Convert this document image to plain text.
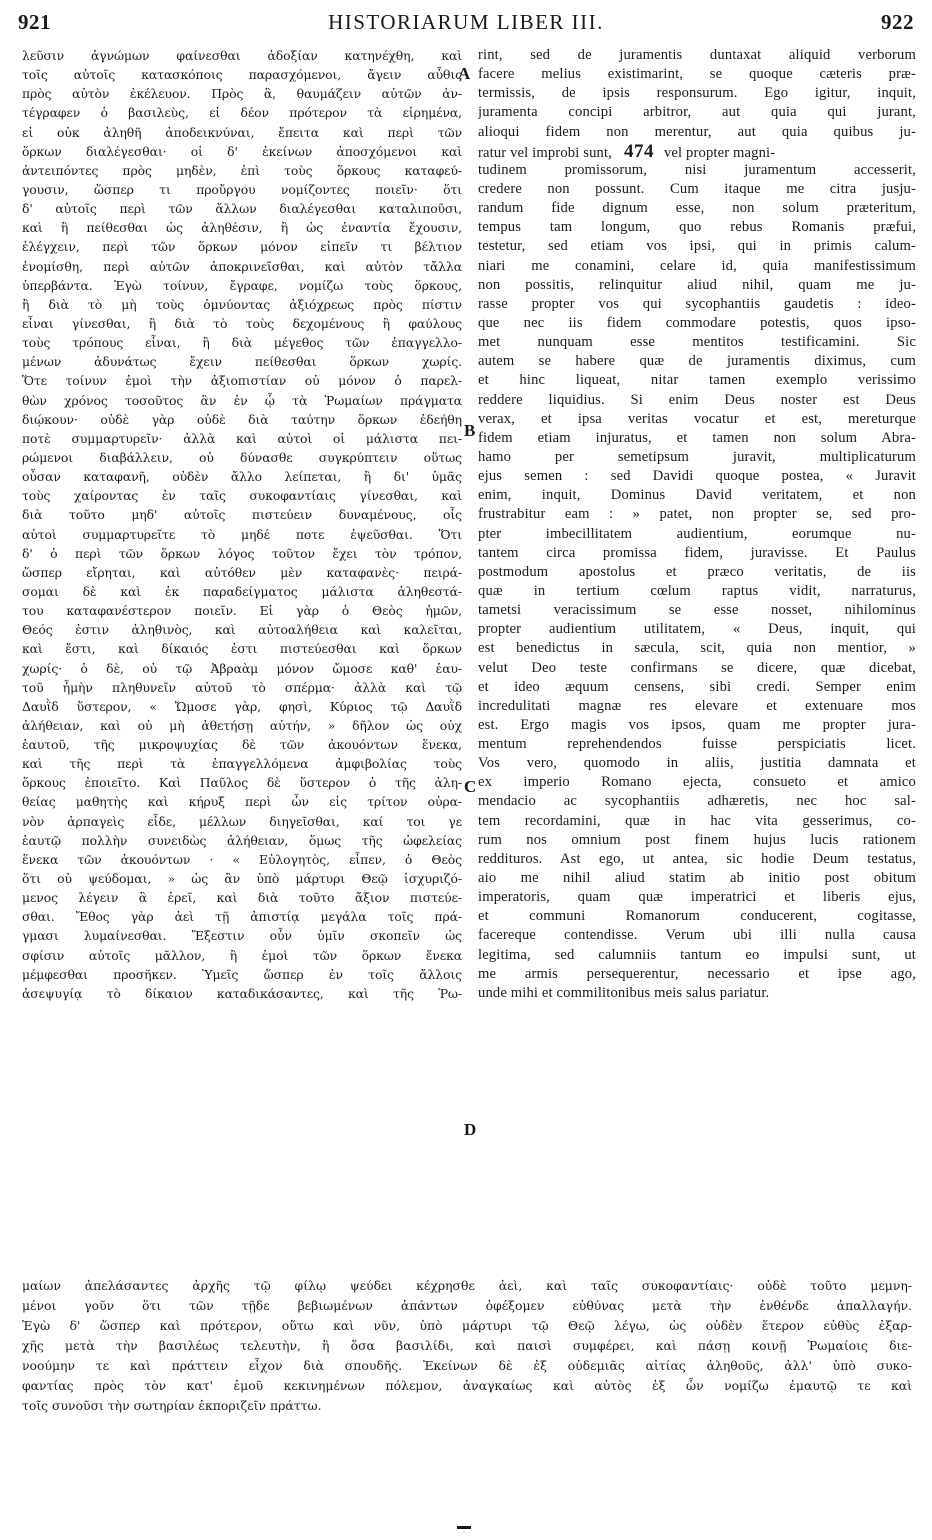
921	HISTORIARUM LIBER III.	922

λεῦσιν ἀγνώμων φαίνεσθαι ἀδοξίαν κατηνέχθη, καὶ

τοῖς αὐτοῖς κατασκόποις παρασχόμενοι, ἄγειν αὖθις

πρὸς αὐτὸν ἐκέλευον. Πρὸς ἃ, θαυμάζειν αὐτῶν ἀν-

τέγραφεν ὁ βασιλεὺς, εἰ δέον πρότερον τὰ εἰρημένα,

εἰ οὐκ ἀληθῆ ἀποδεικνύναι, ἔπειτα καὶ περὶ τῶν

ὅρκων διαλέγεσθαι· οἱ δ' ἐκείνων ἀποσχόμενοι καὶ

ἀντειπόντες πρὸς μηδὲν, ἐπὶ τοὺς ὅρκους καταφεύ-

γουσιν, ὥσπερ τι προὔργου νομίζοντες ποιεῖν· ὅτι

δ' αὐτοῖς περὶ τῶν ἄλλων διαλέγεσθαι καταλιποῦσι,

καὶ ἢ πείθεσθαι ὡς ἀληθέσιν, ἢ ὡς ἐναντία ἔχουσιν,

ἐλέγχειν, περὶ τῶν ὅρκων μόνον εἰπεῖν τι βέλτιον

ἐνομίσθη, περὶ αὐτῶν ἀποκρινεῖσθαι, καὶ αὐτὸν τἄλλα

ὑπερβάντα. Ἐγὼ τοίνυν, ἔγραφε, νομίζω τοὺς ὅρκους,

ἢ διὰ τὸ μὴ τοὺς ὀμνύοντας ἀξιόχρεως πρὸς πίστιν

εἶναι γίνεσθαι, ἢ διὰ τὸ τοὺς δεχομένους ἢ φαύλους

τοὺς τρόπους εἶναι, ἢ διὰ μέγεθος τῶν ἐπαγγελλο-

μένων ἀδυνάτως ἔχειν πείθεσθαι ὅρκων χωρίς.

Ὅτε τοίνυν ἐμοὶ τὴν ἀξιοπιστίαν οὐ μόνον ὁ παρελ-

θὼν χρόνος τοσοῦτος ἂν ἐν ᾧ τὰ Ῥωμαίων πράγματα

διῴκουν· οὐδὲ γὰρ οὐδὲ διὰ ταύτην ὅρκων ἐδεήθη

ποτὲ συμμαρτυρεῖν· ἀλλὰ καὶ αὐτοὶ οἱ μάλιστα πει-

ρώμενοι διαβάλλειν, οὐ δύνασθε συγκρύπτειν οὕτως

οὖσαν καταφανῆ, οὐδὲν ἄλλο λείπεται, ἢ δι' ὑμᾶς

τοὺς χαίροντας ἐν ταῖς συκοφαντίαις γίνεσθαι, καὶ

διὰ τοῦτο μηδ' αὐτοῖς πιστεύειν δυναμένους, οἷς

αὐτοὶ συμμαρτυρεῖτε τὸ μηδέ ποτε ἐψεῦσθαι. Ὅτι

δ' ὁ περὶ τῶν ὅρκων λόγος τοῦτον ἔχει τὸν τρόπον,

ὥσπερ εἴρηται, καὶ αὐτόθεν μὲν καταφανὲς· πειρά-

σομαι δὲ καὶ ἐκ παραδείγματος μάλιστα ἀληθεστά-

του καταφανέστερον ποιεῖν. Εἰ γὰρ ὁ Θεὸς ἡμῶν,

Θεός ἐστιν ἀληθινὸς, καὶ αὐτοαλήθεια καὶ καλεῖται,

καὶ ἔστι, καὶ δίκαιός ἐστι πιστεύεσθαι καὶ ὅρκων

χωρίς· ὁ δὲ, οὐ τῷ Ἀβραὰμ μόνον ὤμοσε καθ' ἑαυ-

τοῦ ἦμὴν πληθυνεῖν αὐτοῦ τὸ σπέρμα· ἀλλὰ καὶ τῷ

Δαυῒδ ὕστερον, « Ὤμοσε γὰρ, φησὶ, Κύριος τῷ Δαυῒδ

ἀλήθειαν, καὶ οὐ μὴ ἀθετήσῃ αὐτήν, » δῆλον ὡς οὐχ

ἑαυτοῦ, τῆς μικροψυχίας δὲ τῶν ἀκουόντων ἕνεκα,

καὶ τῆς περὶ τὰ ἐπαγγελλόμενα ἀμφιβολίας τοὺς

ὅρκους ἐποιεῖτο. Καὶ Παῦλος δὲ ὕστερον ὁ τῆς ἀλη-

θείας μαθητὴς καὶ κήρυξ περὶ ὧν εἰς τρίτον οὐρα-

νὸν ἁρπαγεὶς εἶδε, μέλλων διηγεῖσθαι, καί τοι γε

ἑαυτῷ πολλὴν συνειδὼς ἀλήθειαν, ὅμως τῆς ὠφελείας

ἕνεκα τῶν ἀκουόντων · « Εὐλογητὸς, εἶπεν, ὁ Θεὸς

ὅτι οὐ ψεύδομαι, » ὡς ἂν ὑπὸ μάρτυρι Θεῷ ἰσχυριζό-

μενος λέγειν ἃ ἐρεῖ, καὶ διὰ τοῦτο ἄξιον πιστεύε-

σθαι. Ἔθος γὰρ ἀεὶ τῇ ἀπιστίᾳ μεγάλα τοῖς πρά-

γμασι λυμαίνεσθαι. Ἔξεστιν οὖν ὑμῖν σκοπεῖν ὡς

σφίσιν αὐτοῖς μᾶλλον, ἢ ἐμοὶ τῶν ὅρκων ἕνεκα

μέμφεσθαι προσῆκεν. Ὑμεῖς ὥσπερ ἐν τοῖς ἄλλοις

ἀσεψυγίᾳ τὸ δίκαιον καταδικάσαντες, καὶ τῆς Ῥω-

rint, sed de juramentis duntaxat aliquid verborum

facere melius existimarint, se quoque cæteris præ-

termissis, de ipsis responsurum. Ego igitur, inquit,

juramenta concipi arbitror, aut quia qui jurant,

alioqui fidem non merentur, aut quia quibus ju-

ratur vel improbi sunt, 474 vel propter magni-

tudinem promissorum, nisi juramentum accesserit,

credere non possunt. Cum itaque me citra jusju-

randum fide dignum esse, non solum præteritum,

tempus tam longum, quo rebus Romanis præfui,

testetur, sed etiam vos ipsi, qui in primis calum-

niari me conamini, celare id, quia manifestissimum

non possitis, relinquitur aliud nihil, quam me ju-

rasse propter vos qui sycophantiis gaudetis : ideo-

que nec iis fidem commodare potestis, quos ipso-

met nunquam esse mentitos testificamini. Sic

autem se habere quæ de juramentis diximus, cum

et hinc liqueat, nitar tamen exemplo verissimo

reddere liquidius. Si enim Deus noster est Deus

verax, et ipsa veritas vocatur et est, mereturque

fidem etiam injuratus, et tamen non solum Abra-

hamo per semetipsum juravit, multiplicaturum

ejus semen : sed Davidi quoque postea, « Juravit

enim, inquit, Dominus David veritatem, et non

frustrabitur eam : » patet, non propter se, sed pro-

pter imbecillitatem audientium, eorumque nu-

tantem circa promissa fidem, juravisse. Et Paulus

postmodum apostolus et præco veritatis, de iis

quæ in tertium cœlum raptus vidit, narraturus,

tametsi veracissimum se esse nosset, nihilominus

propter audientium utilitatem, « Deus, inquit, qui

est benedictus in sæcula, scit, quia non mentior, »

velut Deo teste confirmans se dicere, quæ dicebat,

et ideo æquum censens, sibi credi. Semper enim

incredulitati magnæ res elevare et extenuare mos

est. Ergo magis vos ipsos, quam me propter jura-

mentum reprehendendos fuisse perspiciatis licet.

Vos vero, quomodo in aliis, justitia damnata et

ex imperio Romano ejecta, consueto et amico

mendacio ac sycophantiis adhæretis, nec hoc sal-

tem recordamini, quæ in hac vita gesserimus, co-

rum nos omnium post finem hujus lucis rationem

reddituros. Ast ego, ut antea, sic hodie Deum testatus,

aio me nihil aliud statim ab initio post obitum

imperatoris, quam quæ imperatrici et liberis ejus,

et communi Romanorum conducerent, cogitasse,

facereque contendisse. Verum ubi illi nulla causa

legitima, sed calumniis tantum eo impulsi sunt, ut

me armis persequerentur, necessario et ipse ago,

unde mihi et commilitonibus meis salus pariatur.

μαίων ἀπελάσαντες ἀρχῆς τῷ φίλῳ ψεύδει κέχρησθε ἀεὶ, καὶ ταῖς συκοφαντίαις· οὐδὲ τοῦτο μεμνη-

μένοι γοῦν ὅτι τῶν τῇδε βεβιωμένων ἁπάντων ὀφέξομεν εὐθύνας μετὰ τὴν ἐνθένδε ἀπαλλαγήν.

Ἐγὼ δ' ὥσπερ καὶ πρότερον, οὕτω καὶ νῦν, ὑπὸ μάρτυρι τῷ Θεῷ λέγω, ὡς οὐδὲν ἕτερον εὐθὺς ἐξαρ-

χῆς μετὰ τὴν βασιλέως τελευτὴν, ἢ ὅσα βασιλίδι, καὶ παισὶ συμφέρει, καὶ πάσῃ κοινῇ Ῥωμαίοις διε-

νοούμην τε καὶ πράττειν εἶχον διὰ σπουδῆς. Ἐκείνων δὲ ἐξ οὐδεμιᾶς αἰτίας ἀληθοῦς, ἀλλ' ὑπὸ συκο-

φαντίας πρὸς τὸν κατ' ἐμοῦ κεκινημένων πόλεμον, ἀναγκαίως καὶ αὐτὸς ἐξ ὧν νομίζω ἐμαυτῷ τε καὶ

τοῖς συνοῦσι τὴν σωτηρίαν ἐκποριζεῖν πράττω.

A
B
C
D
